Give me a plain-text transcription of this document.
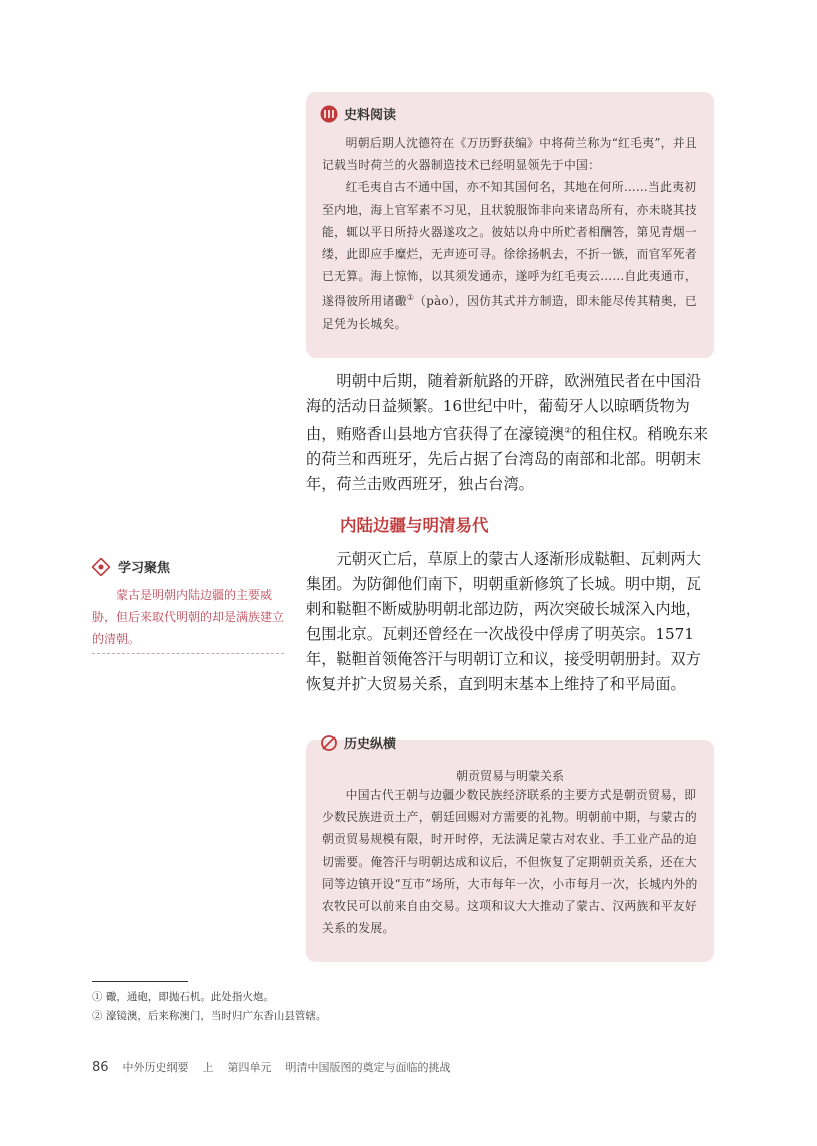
史料阅读

明朝后期人沈德符在《万历野获编》中将荷兰称为“红毛夷”，并且记载当时荷兰的火器制造技术已经明显领先于中国：

红毛夷自古不通中国，亦不知其国何名，其地在何所……当此夷初至内地，海上官军素不习见，且状貌服饰非向来诸岛所有，亦未晓其技能，辄以平日所持火器遂攻之。彼姑以舟中所贮者相酬答，第见青烟一缕，此即应手糜烂，无声迹可寻。徐徐扬帆去，不折一镞，而官军死者已无算。海上惊怖，以其须发通赤，遂呼为红毛夷云……自此夷通市，遂得彼所用诸礮①（pào），因仿其式并方制造，即未能尽传其精奥，已足凭为长城矣。

明朝中后期，随着新航路的开辟，欧洲殖民者在中国沿海的活动日益频繁。16世纪中叶，葡萄牙人以晾晒货物为由，贿赂香山县地方官获得了在濠镜澳②的租住权。稍晚东来的荷兰和西班牙，先后占据了台湾岛的南部和北部。明朝末年，荷兰击败西班牙，独占台湾。

内陆边疆与明清易代
学习聚焦

蒙古是明朝内陆边疆的主要威胁，但后来取代明朝的却是满族建立的清朝。

元朝灭亡后，草原上的蒙古人逐渐形成鞑靼、瓦剌两大集团。为防御他们南下，明朝重新修筑了长城。明中期，瓦剌和鞑靼不断威胁明朝北部边防，两次突破长城深入内地，包围北京。瓦剌还曾经在一次战役中俘虏了明英宗。1571年，鞑靼首领俺答汗与明朝订立和议，接受明朝册封。双方恢复并扩大贸易关系，直到明末基本上维持了和平局面。

历史纵横
朝贡贸易与明蒙关系

中国古代王朝与边疆少数民族经济联系的主要方式是朝贡贸易，即少数民族进贡土产，朝廷回赐对方需要的礼物。明朝前中期，与蒙古的朝贡贸易规模有限，时开时停，无法满足蒙古对农业、手工业产品的迫切需要。俺答汗与明朝达成和议后，不但恢复了定期朝贡关系，还在大同等边镇开设“互市”场所，大市每年一次，小市每月一次，长城内外的农牧民可以前来自由交易。这项和议大大推动了蒙古、汉两族和平友好关系的发展。

① 礮，通砲，即抛石机。此处指火炮。
② 濠镜澳，后来称澳门，当时归广东香山县管辖。
86 中外历史纲要 上 第四单元 明清中国版图的奠定与面临的挑战
